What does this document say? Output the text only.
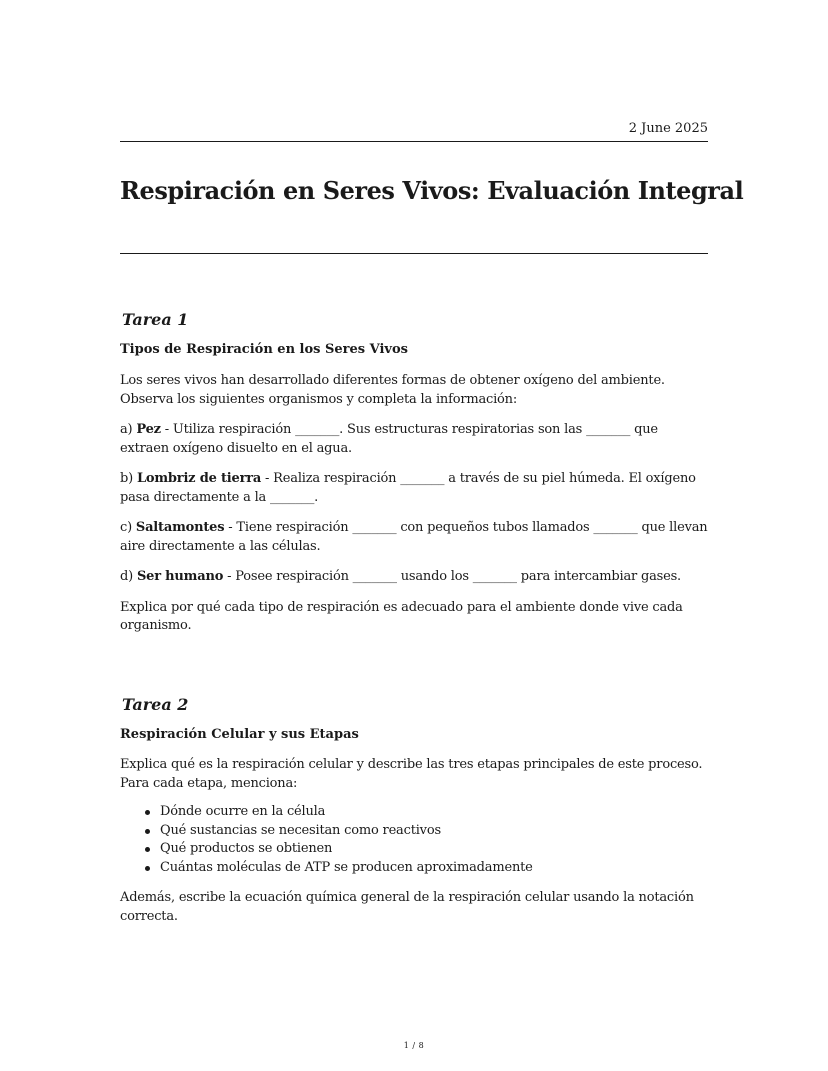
2 June 2025
Respiración en Seres Vivos: Evaluación Integral
Tarea 1
Tipos de Respiración en los Seres Vivos

Los seres vivos han desarrollado diferentes formas de obtener oxígeno del ambiente. Observa los siguientes organismos y completa la información:

a) Pez - Utiliza respiración _______. Sus estructuras respiratorias son las _______ que extraen oxígeno disuelto en el agua.

b) Lombriz de tierra - Realiza respiración _______ a través de su piel húmeda. El oxígeno pasa directamente a la _______.

c) Saltamontes - Tiene respiración _______ con pequeños tubos llamados _______ que llevan aire directamente a las células.

d) Ser humano - Posee respiración _______ usando los _______ para intercambiar gases.

Explica por qué cada tipo de respiración es adecuado para el ambiente donde vive cada organismo.

Tarea 2
Respiración Celular y sus Etapas

Explica qué es la respiración celular y describe las tres etapas principales de este proceso. Para cada etapa, menciona:

Dónde ocurre en la célula
Qué sustancias se necesitan como reactivos
Qué productos se obtienen
Cuántas moléculas de ATP se producen aproximadamente

Además, escribe la ecuación química general de la respiración celular usando la notación correcta.

1 / 8
